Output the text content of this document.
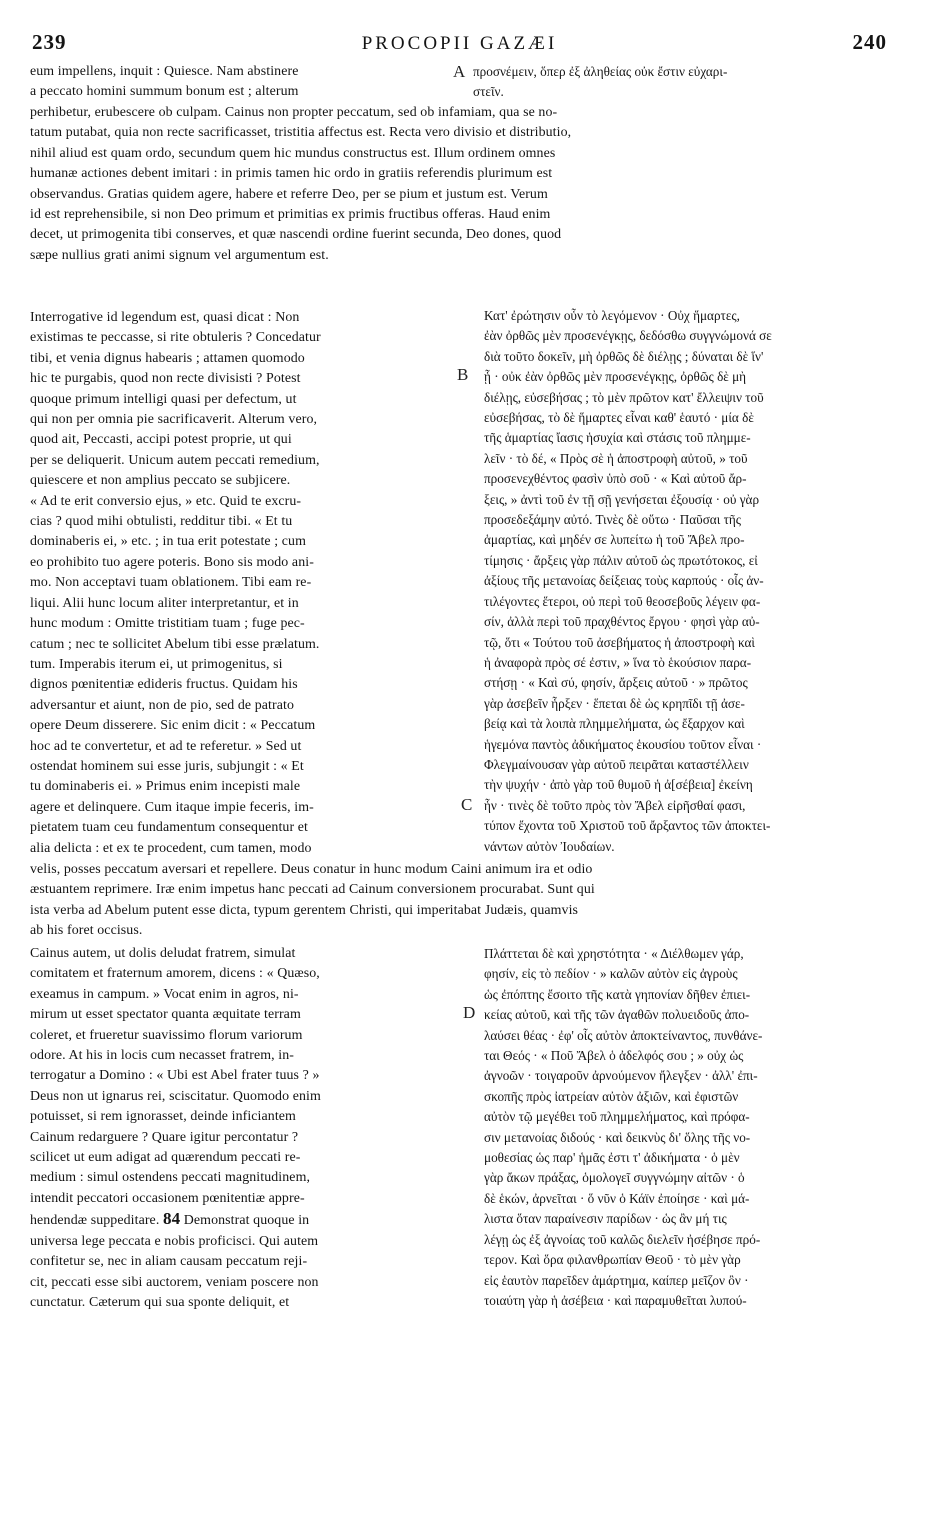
239	PROCOPII GAZÆI	240
eum impellens, inquit : Quiesce. Nam abstinere
a peccato homini summum bonum est ; alterum
A προσνέμειν, ὅπερ ἐξ ἀληθείας οὐκ ἔστιν εὐχαρι-
στεῖν.
perhibetur, erubescere ob culpam. Cainus non propter peccatum, sed ob infamiam, qua se no-
tatum putabat, quia non recte sacrificasset, tristitia affectus est. Recta vero divisio et distributio,
nihil aliud est quam ordo, secundum quem hic mundus constructus est. Illum ordinem omnes
humanæ actiones debent imitari : in primis tamen hic ordo in gratiis referendis plurimum est
observandus. Gratias quidem agere, habere et referre Deo, per se pium et justum est. Verum
id est reprehensibile, si non Deo primum et primitias ex primis fructibus offeras. Haud enim
decet, ut primogenita tibi conserves, et quæ nascendi ordine fuerint secunda, Deo dones, quod
sæpe nullius grati animi signum vel argumentum est.
Interrogative id legendum est, quasi dicat : Non
existimas te peccasse, si rite obtuleris ? Concedatur
tibi, et venia dignus habearis ; attamen quomodo
hic te purgabis, quod non recte divisisti ? Potest
quoque primum intelligi quasi per defectum, ut
qui non per omnia pie sacrificaverit. Alterum vero,
quod ait, Peccasti, accipi potest proprie, ut qui
per se deliquerit. Unicum autem peccati remedium,
quiescere et non amplius peccato se subjicere.
« Ad te erit conversio ejus, » etc. Quid te excru-
cias ? quod mihi obtulisti, redditur tibi. « Et tu
dominaberis ei, » etc. ; in tua erit potestate ; cum
eo prohibito tuo agere poteris. Bono sis modo ani-
mo. Non acceptavi tuam oblationem. Tibi eam re-
liqui. Alii hunc locum aliter interpretantur, et in
hunc modum : Omitte tristitiam tuam ; fuge pec-
catum ; nec te sollicitet Abelum tibi esse prælatum.
tum. Imperabis iterum ei, ut primogenitus, si
dignos pœnitentiæ edideris fructus. Quidam his
adversantur et aiunt, non de pio, sed de patrato
opere Deum disserere. Sic enim dicit : « Peccatum
hoc ad te convertetur, et ad te referetur. » Sed ut
ostendat hominem sui esse juris, subjungit : « Et
tu dominaberis ei. » Primus enim incepisti male
agere et delinquere. Cum itaque impie feceris, im-
pietatem tuam ceu fundamentum consequentur et
alia delicta : et ex te procedent, cum tamen, modo
B
C
Κατ' ἐρώτησιν οὖν τὸ λεγόμενον · Οὐχ ἥμαρτες,
ἐὰν ὀρθῶς μὲν προσενέγκῃς, δεδόσθω συγγνώμονά σε
διὰ τοῦτο δοκεῖν, μὴ ὀρθῶς δὲ διέλῃς ; δύναται δὲ ἵν'
ᾖ · οὐκ ἐὰν ὀρθῶς μὲν προσενέγκῃς, ὀρθῶς δὲ μὴ
διέλῃς, εὐσεβήσας ; τὸ μὲν πρῶτον κατ' ἔλλειψιν τοῦ
εὐσεβήσας, τὸ δὲ ἥμαρτες εἶναι καθ' ἑαυτό · μία δὲ
τῆς ἁμαρτίας ἴασις ἡσυχία καὶ στάσις τοῦ πλημμε-
λεῖν · τὸ δέ, « Πρὸς σὲ ἡ ἀποστροφὴ αὐτοῦ, » τοῦ
προσενεχθέντος φασὶν ὑπὸ σοῦ · « Καὶ αὐτοῦ ἄρ-
ξεις, » ἀντὶ τοῦ ἐν τῇ σῇ γενήσεται ἐξουσίᾳ · οὐ γὰρ
προσεδεξάμην αὐτό. Τινὲς δὲ οὕτω · Παῦσαι τῆς
ἁμαρτίας, καὶ μηδέν σε λυπείτω ἡ τοῦ Ἄβελ προ-
τίμησις · ἄρξεις γὰρ πάλιν αὐτοῦ ὡς πρωτότοκος, εἰ
ἀξίους τῆς μετανοίας δείξειας τοὺς καρπούς · οἷς ἀν-
τιλέγοντες ἕτεροι, οὐ περὶ τοῦ θεοσεβοῦς λέγειν φα-
σίν, ἀλλὰ περὶ τοῦ πραχθέντος ἔργου · φησὶ γὰρ αὐ-
τῷ, ὅτι « Τούτου τοῦ ἀσεβήματος ἡ ἀποστροφὴ καὶ
ἡ ἀναφορὰ πρὸς σέ ἐστιν, » ἵνα τὸ ἑκούσιον παρα-
στήσῃ · « Καὶ σύ, φησίν, ἄρξεις αὐτοῦ · » πρῶτος
γὰρ ἀσεβεῖν ἦρξεν · ἕπεται δὲ ὡς κρηπῖδι τῇ ἀσε-
βείᾳ καὶ τὰ λοιπὰ πλημμελήματα, ὡς ἔξαρχον καὶ
ἡγεμόνα παντὸς ἀδικήματος ἑκουσίου τοῦτον εἶναι ·
Φλεγμαίνουσαν γὰρ αὐτοῦ πειρᾶται καταστέλλειν
τὴν ψυχήν · ἀπὸ γὰρ τοῦ θυμοῦ ἡ ἀ[σέβεια] ἐκείνη
ἦν · τινὲς δὲ τοῦτο πρὸς τὸν Ἄβελ εἰρῆσθαί φασι,
τύπον ἔχοντα τοῦ Χριστοῦ τοῦ ἄρξαντος τῶν ἀποκτει-
νάντων αὐτὸν Ἰουδαίων.
velis, posses peccatum aversari et repellere. Deus conatur in hunc modum Caini animum ira et odio
æstuantem reprimere. Iræ enim impetus hanc peccati ad Cainum conversionem procurabat. Sunt qui
ista verba ad Abelum putent esse dicta, typum gerentem Christi, qui imperitabat Judæis, quamvis
ab his foret occisus.
Cainus autem, ut dolis deludat fratrem, simulat
comitatem et fraternum amorem, dicens : « Quæso,
exeamus in campum. » Vocat enim in agros, ni-
mirum ut esset spectator quanta æquitate terram
coleret, et frueretur suavissimo florum variorum
odore. At his in locis cum necasset fratrem, in-
terrogatur a Domino : « Ubi est Abel frater tuus ? »
Deus non ut ignarus rei, sciscitatur. Quomodo enim
potuisset, si rem ignorasset, deinde inficiantem
Cainum redarguere ? Quare igitur percontatur ?
scilicet ut eum adigat ad quærendum peccati re-
medium : simul ostendens peccati magnitudinem,
intendit peccatori occasionem pœnitentiæ appre-
hendendæ suppeditare. 84 Demonstrat quoque in
universa lege peccata e nobis proficisci. Qui autem
confitetur se, nec in aliam causam peccatum reji-
cit, peccati esse sibi auctorem, veniam poscere non
cunctatur. Cæterum qui sua sponte deliquit, et
D
Πλάττεται δὲ καὶ χρηστότητα · « Διέλθωμεν γάρ,
φησίν, εἰς τὸ πεδίον · » καλῶν αὐτὸν εἰς ἀγροὺς
ὡς ἐπόπτης ἔσοιτο τῆς κατὰ γηπονίαν δῆθεν ἐπιει-
κείας αὐτοῦ, καὶ τῆς τῶν ἀγαθῶν πολυειδοῦς ἀπο-
λαύσει θέας · ἐφ' οἷς αὐτὸν ἀποκτείναντος, πυνθάνε-
ται Θεός · « Ποῦ Ἄβελ ὁ ἀδελφός σου ; » οὐχ ὡς
ἀγνοῶν · τοιγαροῦν ἀρνούμενον ἤλεγξεν · ἀλλ' ἐπι-
σκοπῆς πρὸς ἰατρείαν αὐτὸν ἀξιῶν, καὶ ἐφιστῶν
αὐτὸν τῷ μεγέθει τοῦ πλημμελήματος, καὶ πρόφα-
σιν μετανοίας διδούς · καὶ δεικνὺς δι' ὅλης τῆς νο-
μοθεσίας ὡς παρ' ἡμᾶς ἐστι τ' ἀδικήματα · ὁ μὲν
γὰρ ἄκων πράξας, ὁμολογεῖ συγγνώμην αἰτῶν · ὁ
δὲ ἑκών, ἀρνεῖται · ὅ νῦν ὁ Κάϊν ἐποίησε · καὶ μά-
λιστα ὅταν παραίνεσιν παρίδων · ὡς ἂν μή τις
λέγῃ ὡς ἐξ ἀγνοίας τοῦ καλῶς διελεῖν ἠσέβησε πρό-
τερον. Καὶ ὅρα φιλανθρωπίαν Θεοῦ · τὸ μὲν γὰρ
εἰς ἑαυτὸν παρεῖδεν ἁμάρτημα, καίπερ μεῖζον ὂν ·
τοιαύτη γὰρ ἡ ἀσέβεια · καὶ παραμυθεῖται λυπού-
